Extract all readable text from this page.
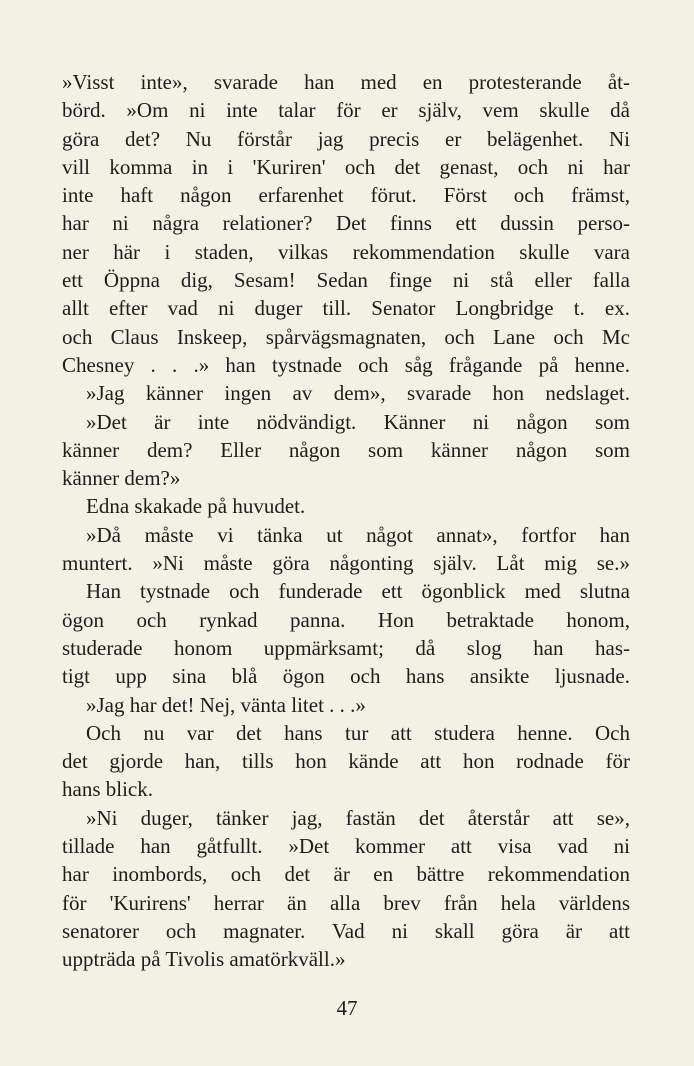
»Visst inte», svarade han med en protesterande åt-
börd. »Om ni inte talar för er själv, vem skulle då
göra det? Nu förstår jag precis er belägenhet. Ni
vill komma in i 'Kuriren' och det genast, och ni har
inte haft någon erfarenhet förut. Först och främst,
har ni några relationer? Det finns ett dussin perso-
ner här i staden, vilkas rekommendation skulle vara
ett Öppna dig, Sesam! Sedan finge ni stå eller falla
allt efter vad ni duger till. Senator Longbridge t. ex.
och Claus Inskeep, spårvägsmagnaten, och Lane och Mc
Chesney . . .» han tystnade och såg frågande på henne.
»Jag känner ingen av dem», svarade hon nedslaget.
»Det är inte nödvändigt. Känner ni någon som
känner dem? Eller någon som känner någon som
känner dem?»
Edna skakade på huvudet.
»Då måste vi tänka ut något annat», fortfor han
muntert. »Ni måste göra någonting själv. Låt mig se.»
Han tystnade och funderade ett ögonblick med slutna
ögon och rynkad panna. Hon betraktade honom,
studerade honom uppmärksamt; då slog han has-
tigt upp sina blå ögon och hans ansikte ljusnade.
»Jag har det! Nej, vänta litet . . .»
Och nu var det hans tur att studera henne. Och
det gjorde han, tills hon kände att hon rodnade för
hans blick.
»Ni duger, tänker jag, fastän det återstår att se»,
tillade han gåtfullt. »Det kommer att visa vad ni
har inombords, och det är en bättre rekommendation
för 'Kurirens' herrar än alla brev från hela världens
senatorer och magnater. Vad ni skall göra är att
uppträda på Tivolis amatörkväll.»
47
